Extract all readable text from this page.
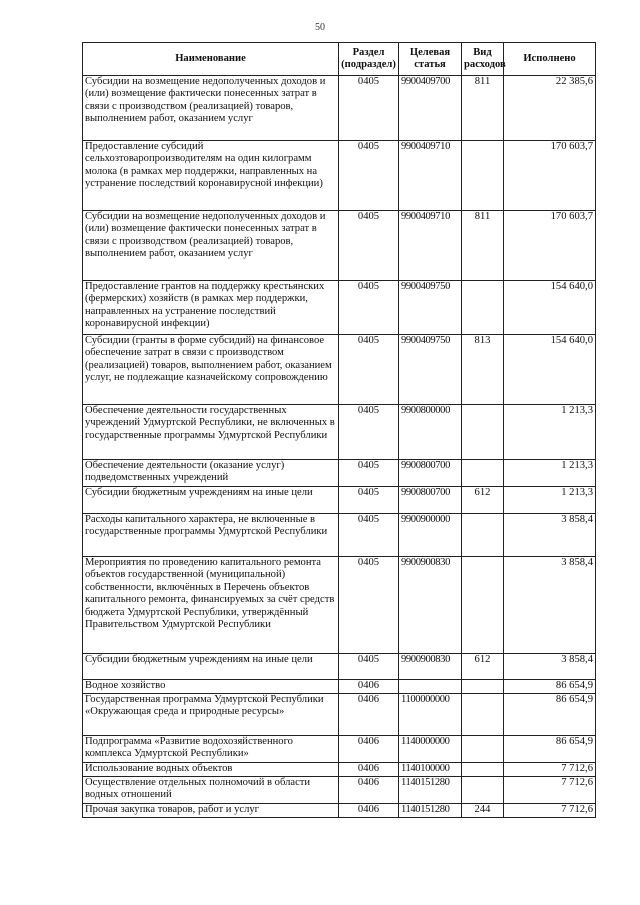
50
Наименование	Раздел (подраздел)	Целевая статья	Вид расходов	Исполнено
Субсидии на возмещение недополученных доходов и (или) возмещение фактически понесенных затрат в связи с производством (реализацией) товаров, выполнением работ, оказанием услуг	0405	9900409700	811	22 385,6
Предоставление субсидий сельхозтоваропроизводителям на один килограмм молока (в рамках мер поддержки, направленных на устранение последствий коронавирусной инфекции)	0405	9900409710		170 603,7
Субсидии на возмещение недополученных доходов и (или) возмещение фактически понесенных затрат в связи с производством (реализацией) товаров, выполнением работ, оказанием услуг	0405	9900409710	811	170 603,7
Предоставление грантов на поддержку крестьянских (фермерских) хозяйств (в рамках мер поддержки, направленных на устранение последствий коронавирусной инфекции)	0405	9900409750		154 640,0
Субсидии (гранты в форме субсидий) на финансовое обеспечение затрат в связи с производством (реализацией) товаров, выполнением работ, оказанием услуг, не подлежащие казначейскому сопровождению	0405	9900409750	813	154 640,0
Обеспечение деятельности государственных учреждений Удмуртской Республики, не включенных в государственные программы Удмуртской Республики	0405	9900800000		1 213,3
Обеспечение деятельности (оказание услуг) подведомственных учреждений	0405	9900800700		1 213,3
Субсидии бюджетным учреждениям на иные цели	0405	9900800700	612	1 213,3
Расходы капитального характера, не включенные в государственные программы Удмуртской Республики	0405	9900900000		3 858,4
Мероприятия по проведению капитального ремонта объектов государственной (муниципальной) собственности, включённых в Перечень объектов капитального ремонта, финансируемых за счёт средств бюджета Удмуртской Республики, утверждённый Правительством Удмуртской Республики	0405	9900900830		3 858,4
Субсидии бюджетным учреждениям на иные цели	0405	9900900830	612	3 858,4
Водное хозяйство	0406			86 654,9
Государственная программа Удмуртской Республики «Окружающая среда и природные ресурсы»	0406	1100000000		86 654,9
Подпрограмма «Развитие водохозяйственного комплекса Удмуртской Республики»	0406	1140000000		86 654,9
Использование водных объектов	0406	1140100000		7 712,6
Осуществление отдельных полномочий в области водных отношений	0406	1140151280		7 712,6
Прочая закупка товаров, работ и услуг	0406	1140151280	244	7 712,6
